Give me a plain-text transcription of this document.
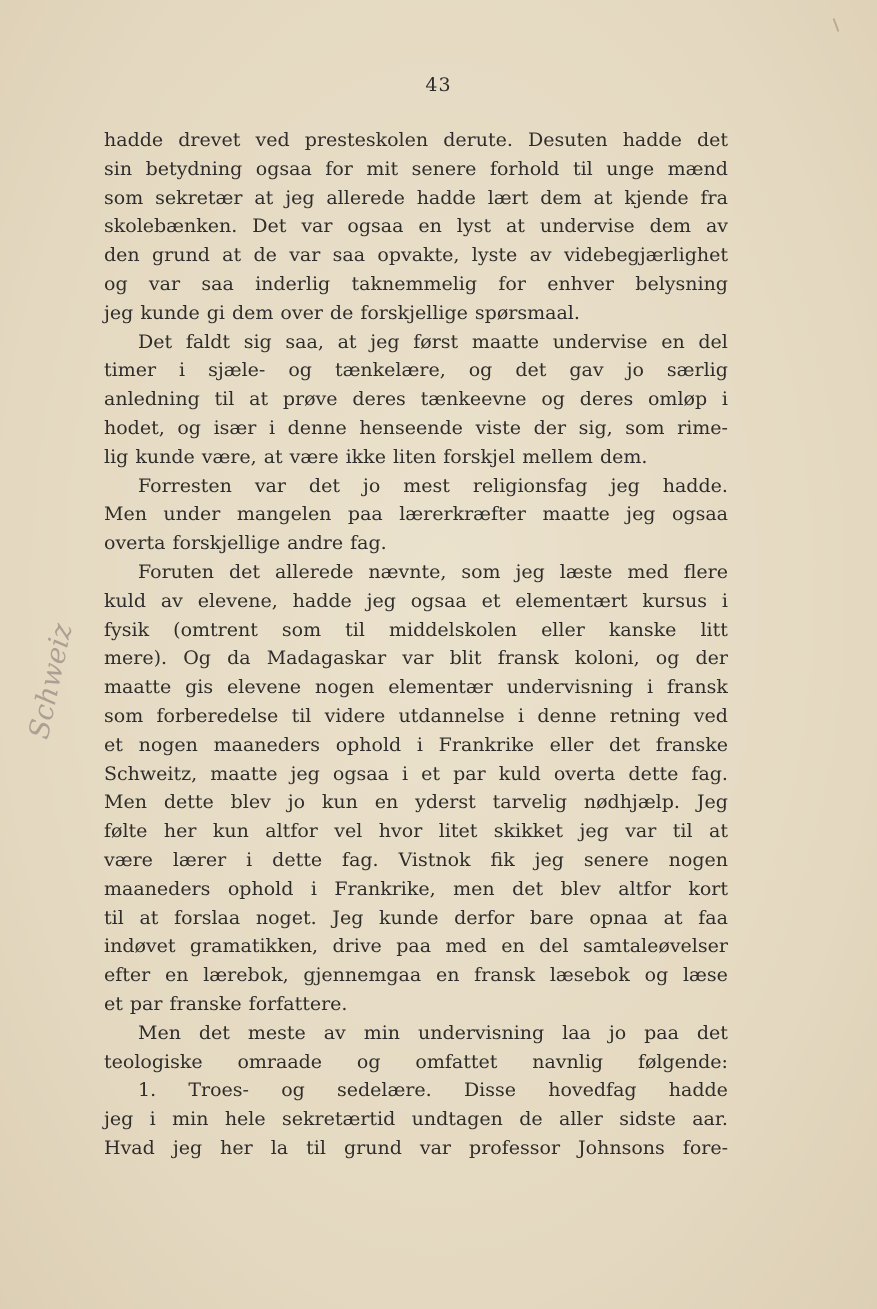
43
Schweiz
hadde drevet ved presteskolen derute. Desuten hadde det
sin betydning ogsaa for mit senere forhold til unge mænd
som sekretær at jeg allerede hadde lært dem at kjende fra
skolebænken. Det var ogsaa en lyst at undervise dem av
den grund at de var saa opvakte, lyste av videbegjærlighet
og var saa inderlig taknemmelig for enhver belysning
jeg kunde gi dem over de forskjellige spørsmaal.
Det faldt sig saa, at jeg først maatte undervise en del
timer i sjæle- og tænkelære, og det gav jo særlig
anledning til at prøve deres tænkeevne og deres omløp i
hodet, og især i denne henseende viste der sig, som rime-
lig kunde være, at være ikke liten forskjel mellem dem.
Forresten var det jo mest religionsfag jeg hadde.
Men under mangelen paa lærerkræfter maatte jeg ogsaa
overta forskjellige andre fag.
Foruten det allerede nævnte, som jeg læste med flere
kuld av elevene, hadde jeg ogsaa et elementært kursus i
fysik (omtrent som til middelskolen eller kanske litt
mere). Og da Madagaskar var blit fransk koloni, og der
maatte gis elevene nogen elementær undervisning i fransk
som forberedelse til videre utdannelse i denne retning ved
et nogen maaneders ophold i Frankrike eller det franske
Schweitz, maatte jeg ogsaa i et par kuld overta dette fag.
Men dette blev jo kun en yderst tarvelig nødhjælp. Jeg
følte her kun altfor vel hvor litet skikket jeg var til at
være lærer i dette fag. Vistnok fik jeg senere nogen
maaneders ophold i Frankrike, men det blev altfor kort
til at forslaa noget. Jeg kunde derfor bare opnaa at faa
indøvet gramatikken, drive paa med en del samtaleøvelser
efter en lærebok, gjennemgaa en fransk læsebok og læse
et par franske forfattere.
Men det meste av min undervisning laa jo paa det
teologiske omraade og omfattet navnlig følgende:
1. Troes- og sedelære. Disse hovedfag hadde
jeg i min hele sekretærtid undtagen de aller sidste aar.
Hvad jeg her la til grund var professor Johnsons fore-
